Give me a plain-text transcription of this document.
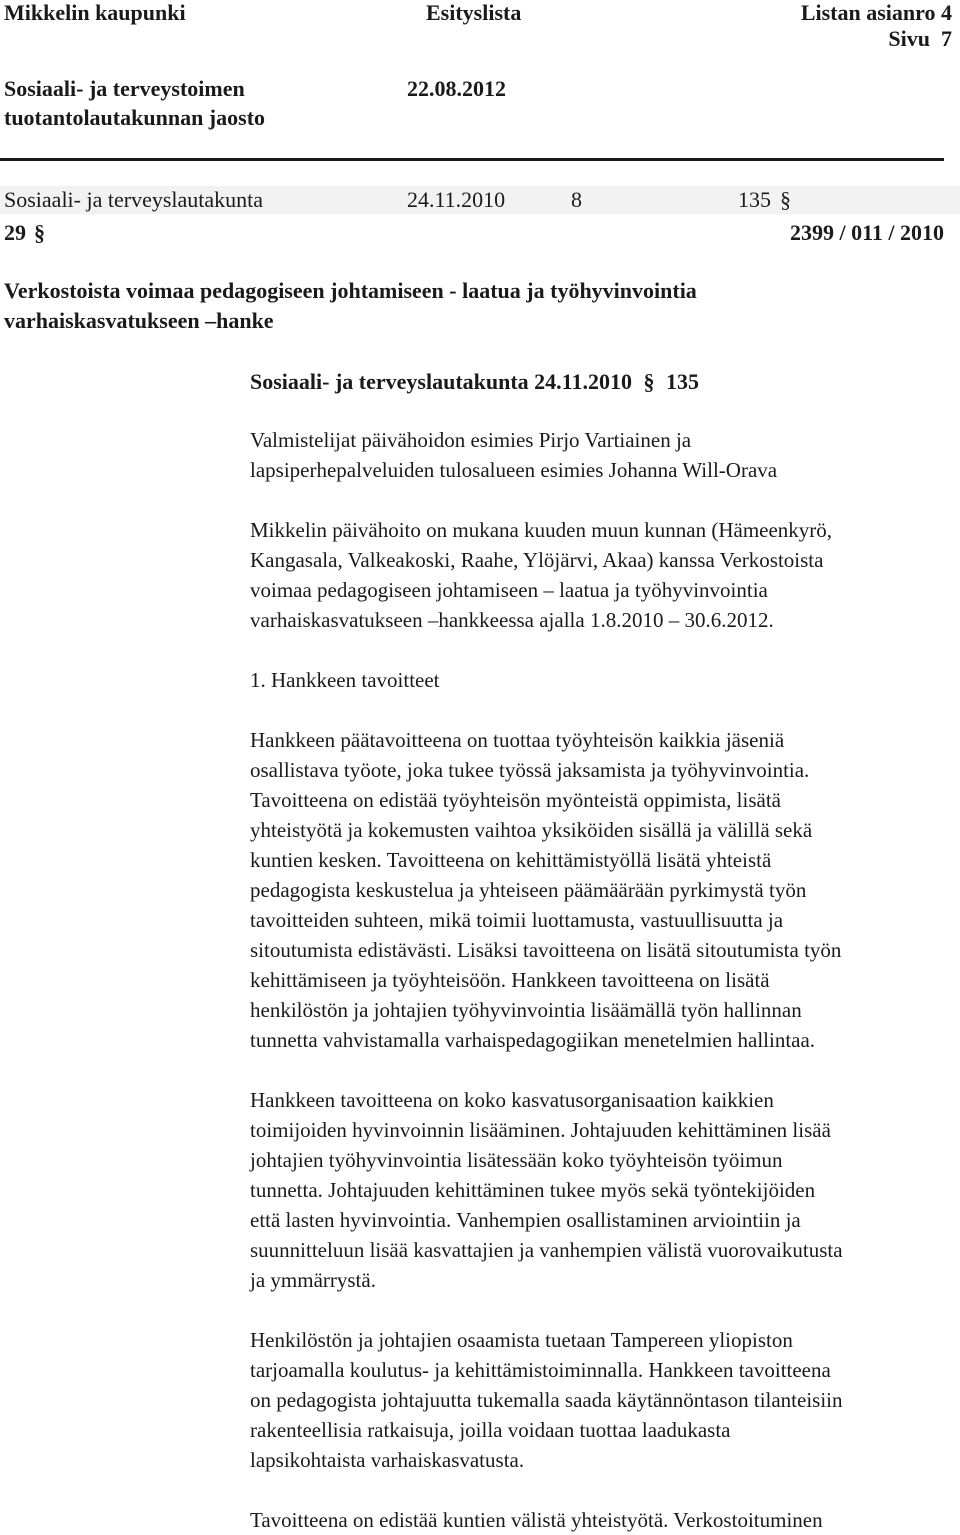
Mikkelin kaupunki	Esityslista	Listan asianro 4
Sivu  7
Sosiaali- ja terveystoimen
tuotantolautakunnan jaosto
22.08.2012
Sosiaali- ja terveyslautakunta	24.11.2010	8	135 §
29 §	2399 / 011 / 2010
Verkostoista voimaa pedagogiseen johtamiseen - laatua ja työhyvinvointia varhaiskasvatukseen –hanke
Sosiaali- ja terveyslautakunta 24.11.2010 § 135
Valmistelijat päivähoidon esimies Pirjo Vartiainen ja
lapsiperhepalveluiden tulosalueen esimies Johanna Will-Orava
Mikkelin päivähoito on mukana kuuden muun kunnan (Hämeenkyrö,
Kangasala, Valkeakoski, Raahe, Ylöjärvi, Akaa) kanssa Verkostoista
voimaa pedagogiseen johtamiseen – laatua ja työhyvinvointia
varhaiskasvatukseen –hankkeessa ajalla 1.8.2010 – 30.6.2012.
1. Hankkeen tavoitteet
Hankkeen päätavoitteena on tuottaa työyhteisön kaikkia jäseniä
osallistava työote, joka tukee työssä jaksamista ja työhyvinvointia.
Tavoitteena on edistää työyhteisön myönteistä oppimista, lisätä
yhteistyötä ja kokemusten vaihtoa yksiköiden sisällä ja välillä sekä
kuntien kesken. Tavoitteena on kehittämistyöllä lisätä yhteistä
pedagogista keskustelua ja yhteiseen päämäärään pyrkimystä työn
tavoitteiden suhteen, mikä toimii luottamusta, vastuullisuutta ja
sitoutumista edistävästi. Lisäksi tavoitteena on lisätä sitoutumista työn
kehittämiseen ja työyhteisöön. Hankkeen tavoitteena on lisätä
henkilöstön ja johtajien työhyvinvointia lisäämällä työn hallinnan
tunnetta vahvistamalla varhaispedagogiikan menetelmien hallintaa.
Hankkeen tavoitteena on koko kasvatusorganisaation kaikkien
toimijoiden hyvinvoinnin lisääminen. Johtajuuden kehittäminen lisää
johtajien työhyvinvointia lisätessään koko työyhteisön työimun
tunnetta. Johtajuuden kehittäminen tukee myös sekä työntekijöiden
että lasten hyvinvointia. Vanhempien osallistaminen arviointiin ja
suunnitteluun lisää kasvattajien ja vanhempien välistä vuorovaikutusta
ja ymmärrystä.
Henkilöstön ja johtajien osaamista tuetaan Tampereen yliopiston
tarjoamalla koulutus- ja kehittämistoiminnalla. Hankkeen tavoitteena
on pedagogista johtajuutta tukemalla saada käytännöntason tilanteisiin
rakenteellisia ratkaisuja, joilla voidaan tuottaa laadukasta
lapsikohtaista varhaiskasvatusta.
Tavoitteena on edistää kuntien välistä yhteistyötä. Verkostoituminen
